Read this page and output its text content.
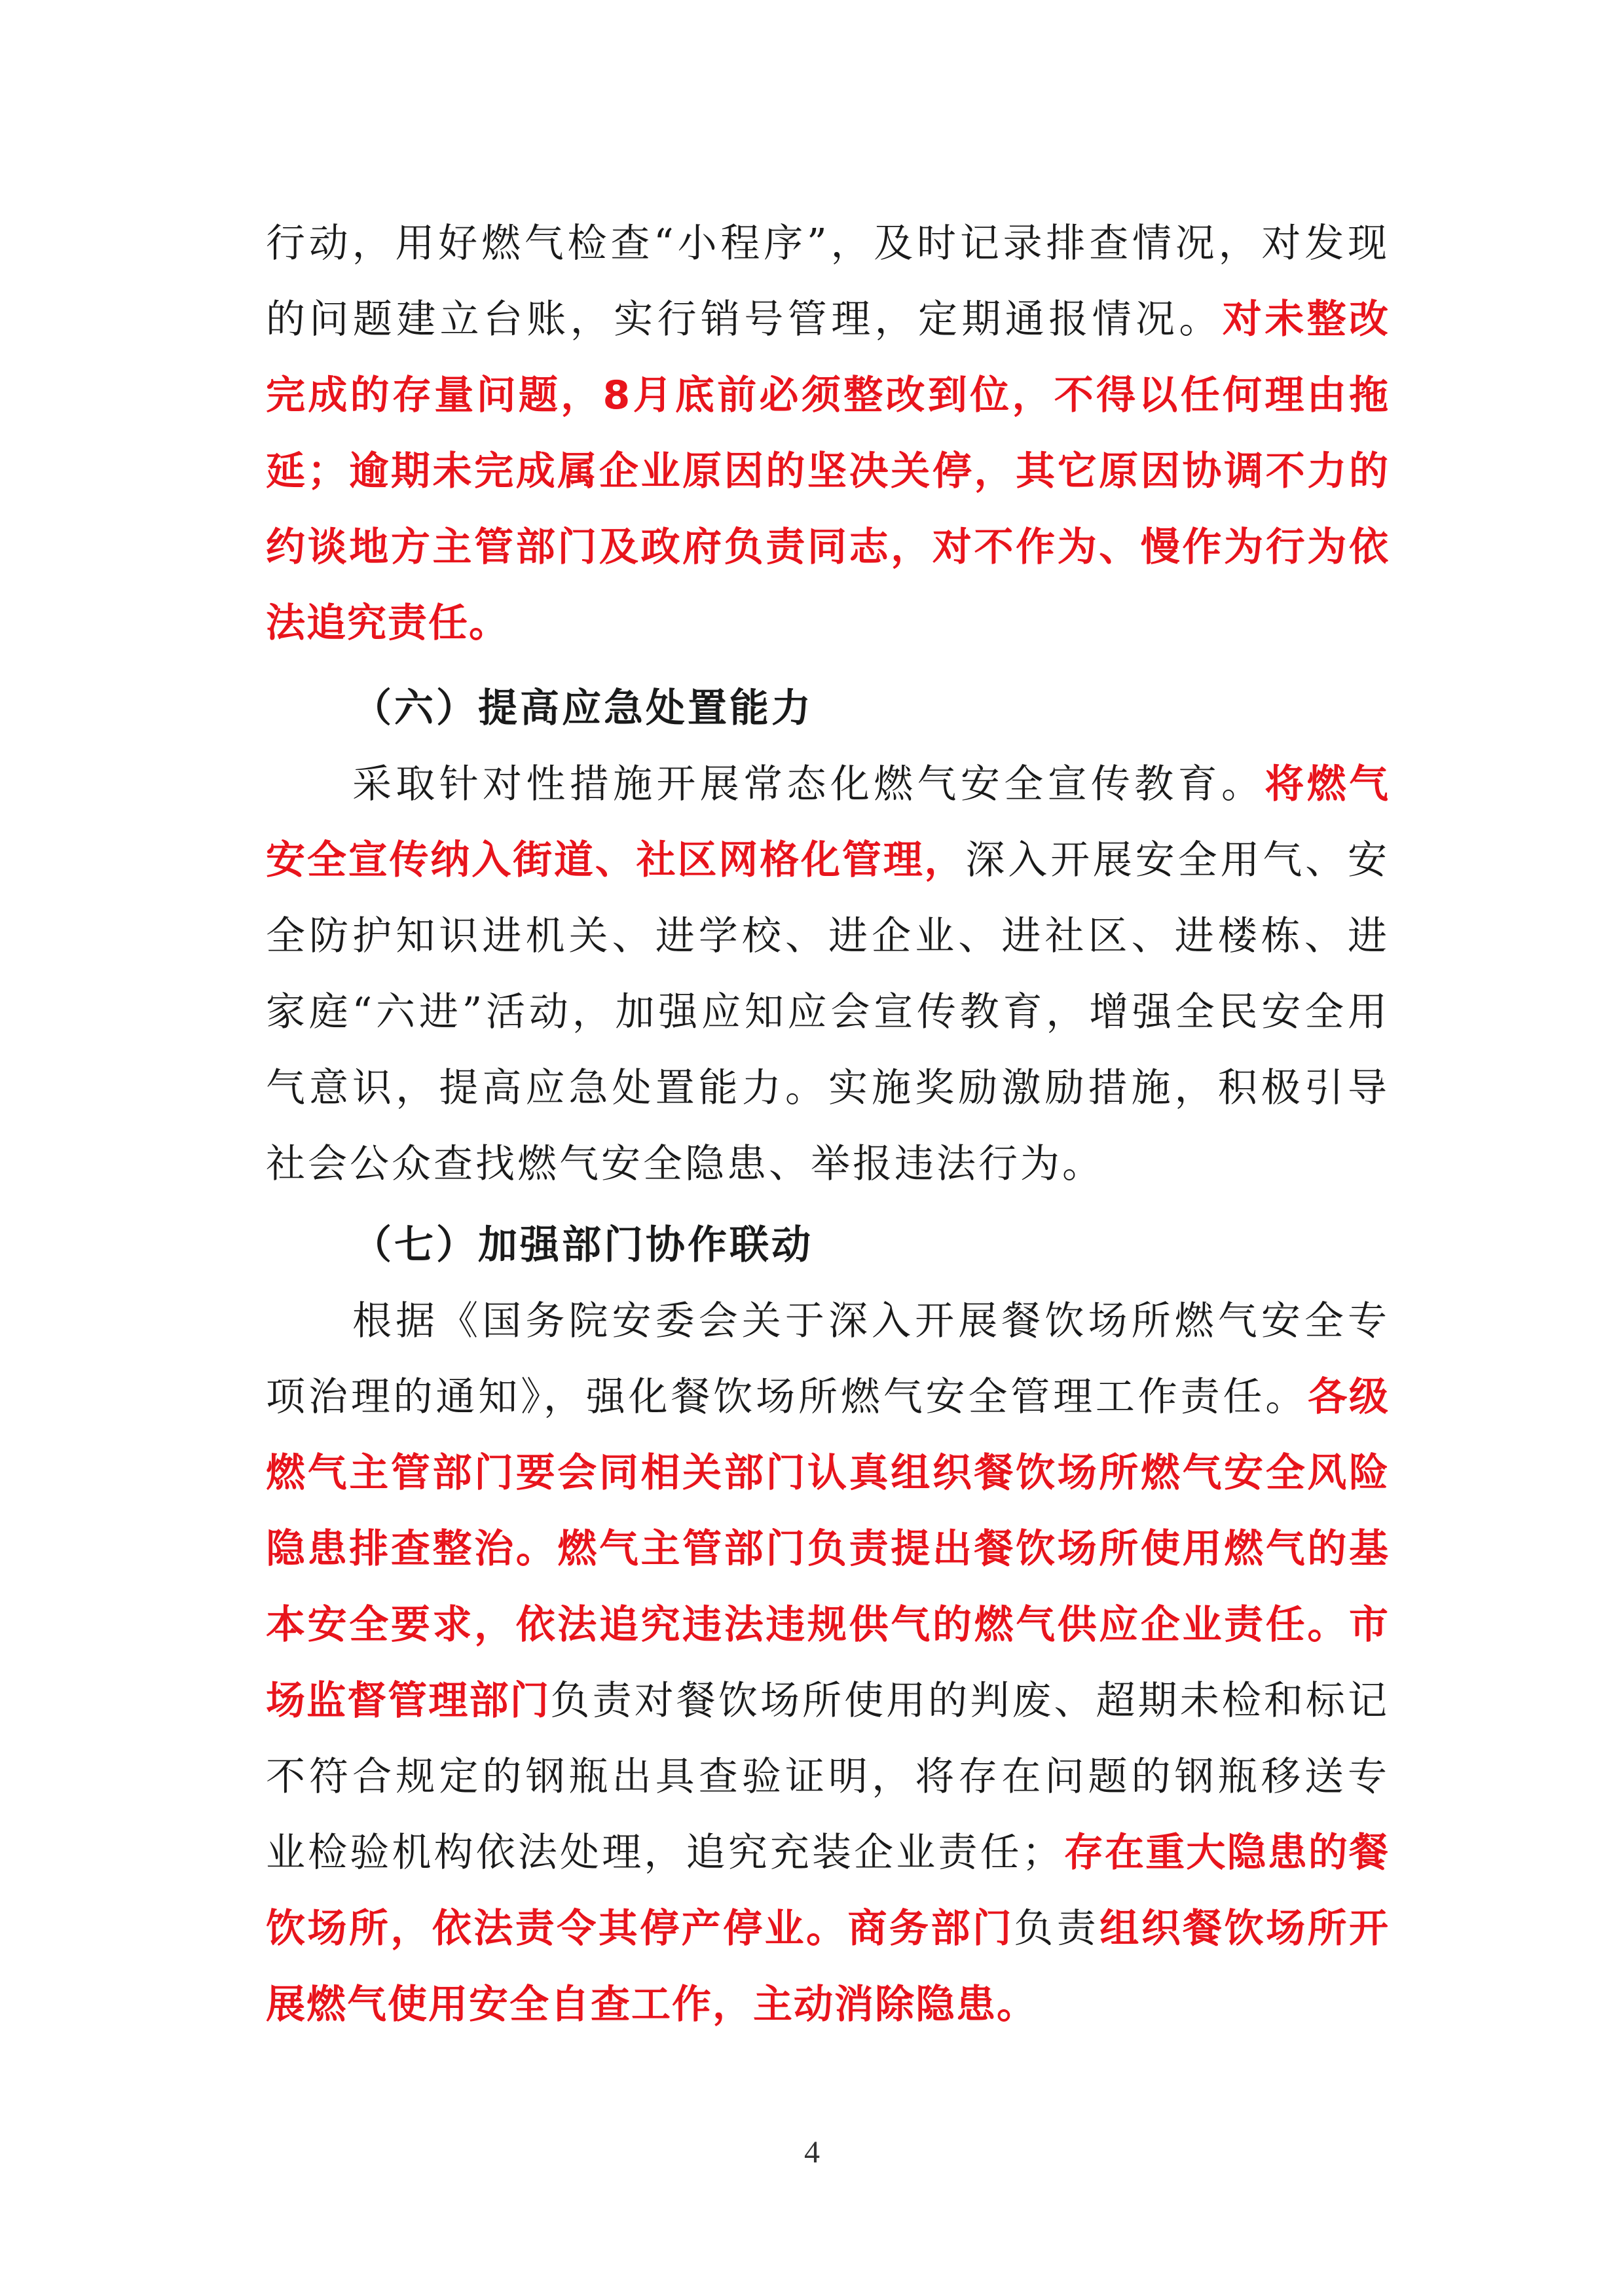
行动，用好燃气检查“小程序”，及时记录排查情况，对发现的问题建立台账，实行销号管理，定期通报情况。对未整改完成的存量问题，8月底前必须整改到位，不得以任何理由拖延；逾期未完成属企业原因的坚决关停，其它原因协调不力的约谈地方主管部门及政府负责同志，对不作为、慢作为行为依法追究责任。

（六）提高应急处置能力

采取针对性措施开展常态化燃气安全宣传教育。将燃气安全宣传纳入街道、社区网格化管理，深入开展安全用气、安全防护知识进机关、进学校、进企业、进社区、进楼栋、进家庭“六进”活动，加强应知应会宣传教育，增强全民安全用气意识，提高应急处置能力。实施奖励激励措施，积极引导社会公众查找燃气安全隐患、举报违法行为。

（七）加强部门协作联动

根据《国务院安委会关于深入开展餐饮场所燃气安全专项治理的通知》，强化餐饮场所燃气安全管理工作责任。各级燃气主管部门要会同相关部门认真组织餐饮场所燃气安全风险隐患排查整治。燃气主管部门负责提出餐饮场所使用燃气的基本安全要求，依法追究违法违规供气的燃气供应企业责任。市场监督管理部门负责对餐饮场所使用的判废、超期未检和标记不符合规定的钢瓶出具查验证明，将存在问题的钢瓶移送专业检验机构依法处理，追究充装企业责任；存在重大隐患的餐饮场所，依法责令其停产停业。商务部门负责组织餐饮场所开展燃气使用安全自查工作，主动消除隐患。

4
